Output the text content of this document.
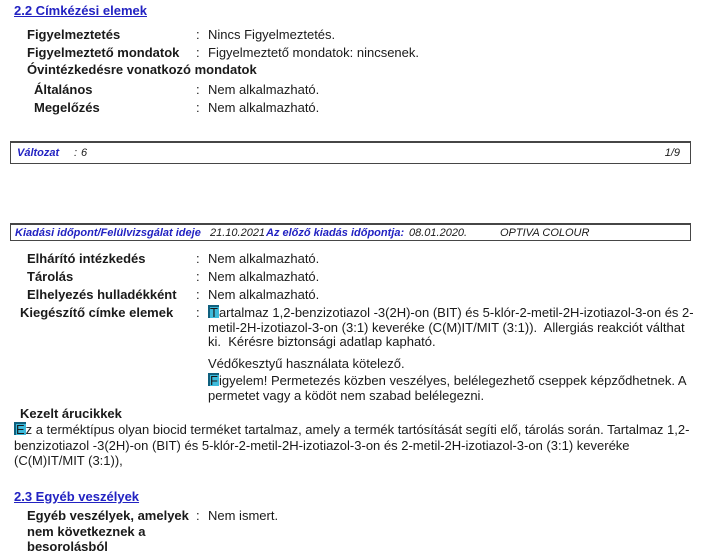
2.2 Címkézési elemek
Figyelmeztetés	: Nincs Figyelmeztetés.
Figyelmeztető mondatok	: Figyelmeztető mondatok: nincsenek.
Óvintézkedésre vonatkozó mondatok
Általános	: Nem alkalmazható.
Megelőzés	: Nem alkalmazható.
Változat : 6	1/9
Kiadási időpont/Felülvizsgálat ideje 21.10.2021 Az előző kiadás időpontja: 08.01.2020.	OPTIVA COLOUR
Elhárító intézkedés	: Nem alkalmazható.
Tárolás	: Nem alkalmazható.
Elhelyezés hulladékként	: Nem alkalmazható.
Kiegészítő címke elemek : Tartalmaz 1,2-benzizotiazol -3(2H)-on (BIT) és 5-klór-2-metil-2H-izotiazol-3-on és 2-metil-2H-izotiazol-3-on (3:1) keveréke (C(M)IT/MIT (3:1)).  Allergiás reakciót válthat ki.  Kérésre biztonsági adatlap kapható.

Védőkesztyű használata kötelező.

Figyelem! Permetezés közben veszélyes, belélegezhető cseppek képződhetnek. A permetet vagy a ködöt nem szabad belélegezni.

Kezelt árucikkek

Ez a terméktípus olyan biocid terméket tartalmaz, amely a termék tartósítását segíti elő, tárolás során. Tartalmaz 1,2-benzizotiazol -3(2H)-on (BIT) és 5-klór-2-metil-2H-izotiazol-3-on és 2-metil-2H-izotiazol-3-on (3:1) keveréke (C(M)IT/MIT (3:1)),

2.3 Egyéb veszélyek
Egyéb veszélyek, amelyek
nem következnek a
besorolásból
: Nem ismert.
